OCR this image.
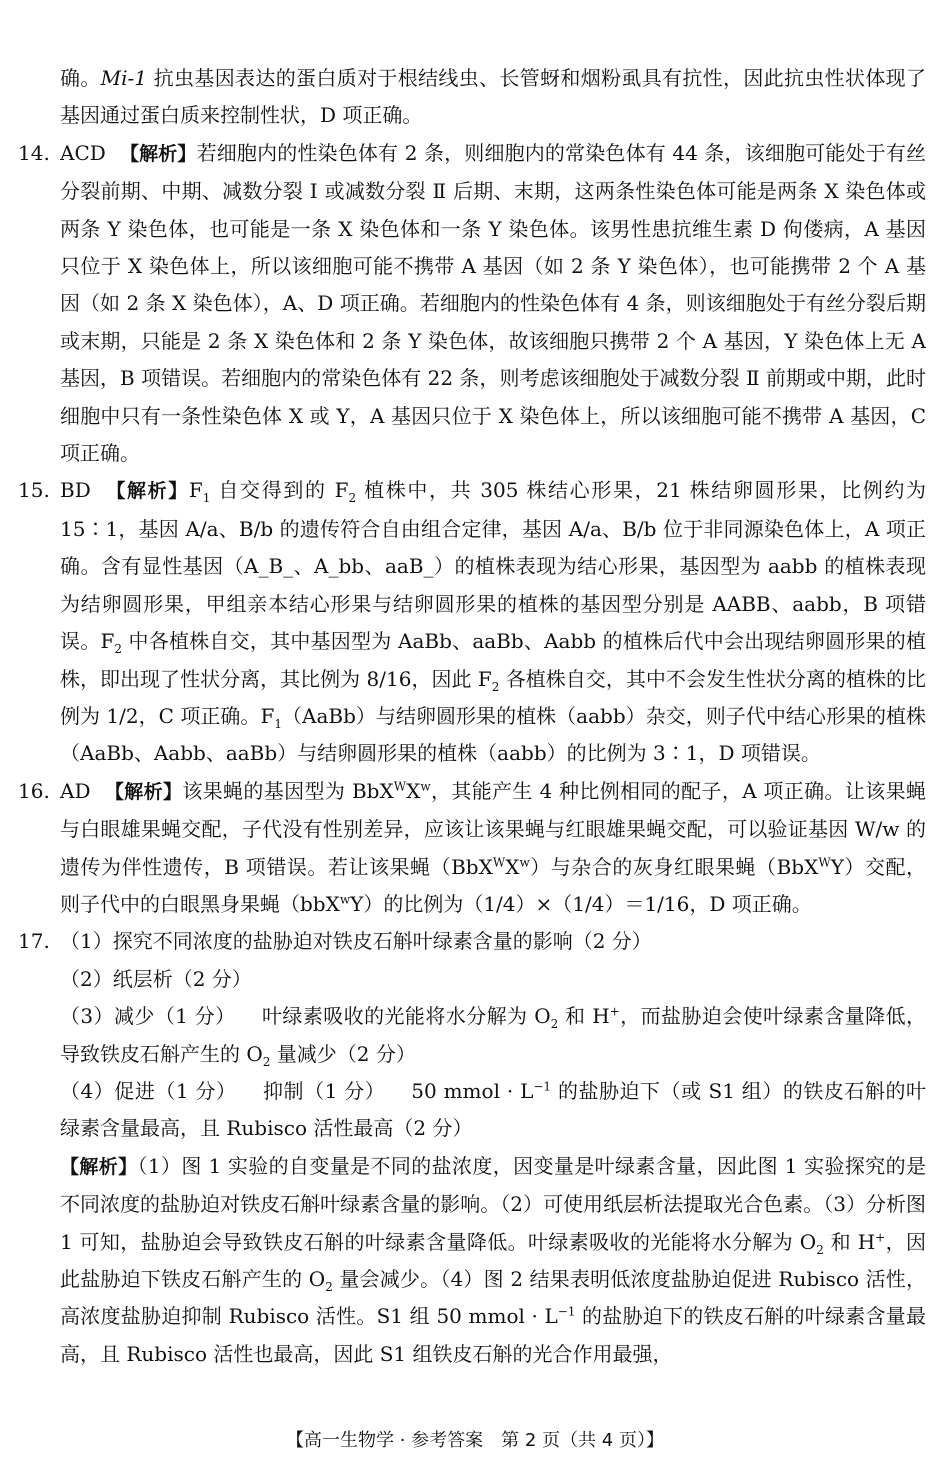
确。Mi-1 抗虫基因表达的蛋白质对于根结线虫、长管蚜和烟粉虱具有抗性，因此抗虫性状体现了基因通过蛋白质来控制性状，D 项正确。

14. ACD 【解析】若细胞内的性染色体有 2 条，则细胞内的常染色体有 44 条，该细胞可能处于有丝分裂前期、中期、减数分裂 Ⅰ 或减数分裂 Ⅱ 后期、末期，这两条性染色体可能是两条 X 染色体或两条 Y 染色体，也可能是一条 X 染色体和一条 Y 染色体。该男性患抗维生素 D 佝偻病，A 基因只位于 X 染色体上，所以该细胞可能不携带 A 基因（如 2 条 Y 染色体），也可能携带 2 个 A 基因（如 2 条 X 染色体），A、D 项正确。若细胞内的性染色体有 4 条，则该细胞处于有丝分裂后期或末期，只能是 2 条 X 染色体和 2 条 Y 染色体，故该细胞只携带 2 个 A 基因，Y 染色体上无 A 基因，B 项错误。若细胞内的常染色体有 22 条，则考虑该细胞处于减数分裂 Ⅱ 前期或中期，此时细胞中只有一条性染色体 X 或 Y，A 基因只位于 X 染色体上，所以该细胞可能不携带 A 基因，C 项正确。

15. BD 【解析】$F_1$ 自交得到的 $F_2$ 植株中，共 305 株结心形果，21 株结卵圆形果，比例约为 15∶1，基因 A/a、B/b 的遗传符合自由组合定律，基因 A/a、B/b 位于非同源染色体上，A 项正确。含有显性基因（A_B_、A_bb、aaB_）的植株表现为结心形果，基因型为 aabb 的植株表现为结卵圆形果，甲组亲本结心形果与结卵圆形果的植株的基因型分别是 AABB、aabb，B 项错误。$F_2$ 中各植株自交，其中基因型为 AaBb、aaBb、Aabb 的植株后代中会出现结卵圆形果的植株，即出现了性状分离，其比例为 8/16，因此 $F_2$ 各植株自交，其中不会发生性状分离的植株的比例为 1/2，C 项正确。$F_1(AaBb)$与结卵圆形果的植株（aabb）杂交，则子代中结心形果的植株（AaBb、Aabb、aaBb）与结卵圆形果的植株（aabb）的比例为 3∶1，D 项错误。

16. AD 【解析】该果蝇的基因型为 $BbX^WX^w$，其能产生 4 种比例相同的配子，A 项正确。让该果蝇与白眼雄果蝇交配，子代没有性别差异，应该让该果蝇与红眼雄果蝇交配，可以验证基因 W/w 的遗传为伴性遗传，B 项错误。若让该果蝇$(BbX^WX^w)$与杂合的灰身红眼果蝇（BbX$^W$Y）交配，则子代中的白眼黑身果蝇（bbX$^w$Y）的比例为（1/4）×（1/4）＝1/16，D 项正确。

17. （1）探究不同浓度的盐胁迫对铁皮石斛叶绿素含量的影响（2 分）

（2）纸层析（2 分）

（3）减少（1 分） 叶绿素吸收的光能将水分解为 $O_2$ 和 H+，而盐胁迫会使叶绿素含量降低，导致铁皮石斛产生的 $O_2$ 量减少（2 分）

（4）促进（1 分） 抑制（1 分） 50 mmol · $L^{-1}$ 的盐胁迫下（或 S1 组）的铁皮石斛的叶绿素含量最高，且 Rubisco 活性最高（2 分）

【解析】（1）图 1 实验的自变量是不同的盐浓度，因变量是叶绿素含量，因此图 1 实验探究的是不同浓度的盐胁迫对铁皮石斛叶绿素含量的影响。（2）可使用纸层析法提取光合色素。（3）分析图 1 可知，盐胁迫会导致铁皮石斛的叶绿素含量降低。叶绿素吸收的光能将水分解为 $O_2$ 和 H+，因此盐胁迫下铁皮石斛产生的 $O_2$ 量会减少。（4）图 2 结果表明低浓度盐胁迫促进 Rubisco 活性，高浓度盐胁迫抑制 Rubisco 活性。S1 组 50 mmol · $L^{-1}$ 的盐胁迫下的铁皮石斛的叶绿素含量最高，且 Rubisco 活性也最高，因此 S1 组铁皮石斛的光合作用最强，

【高一生物学 · 参考答案　第 2 页（共 4 页）】
